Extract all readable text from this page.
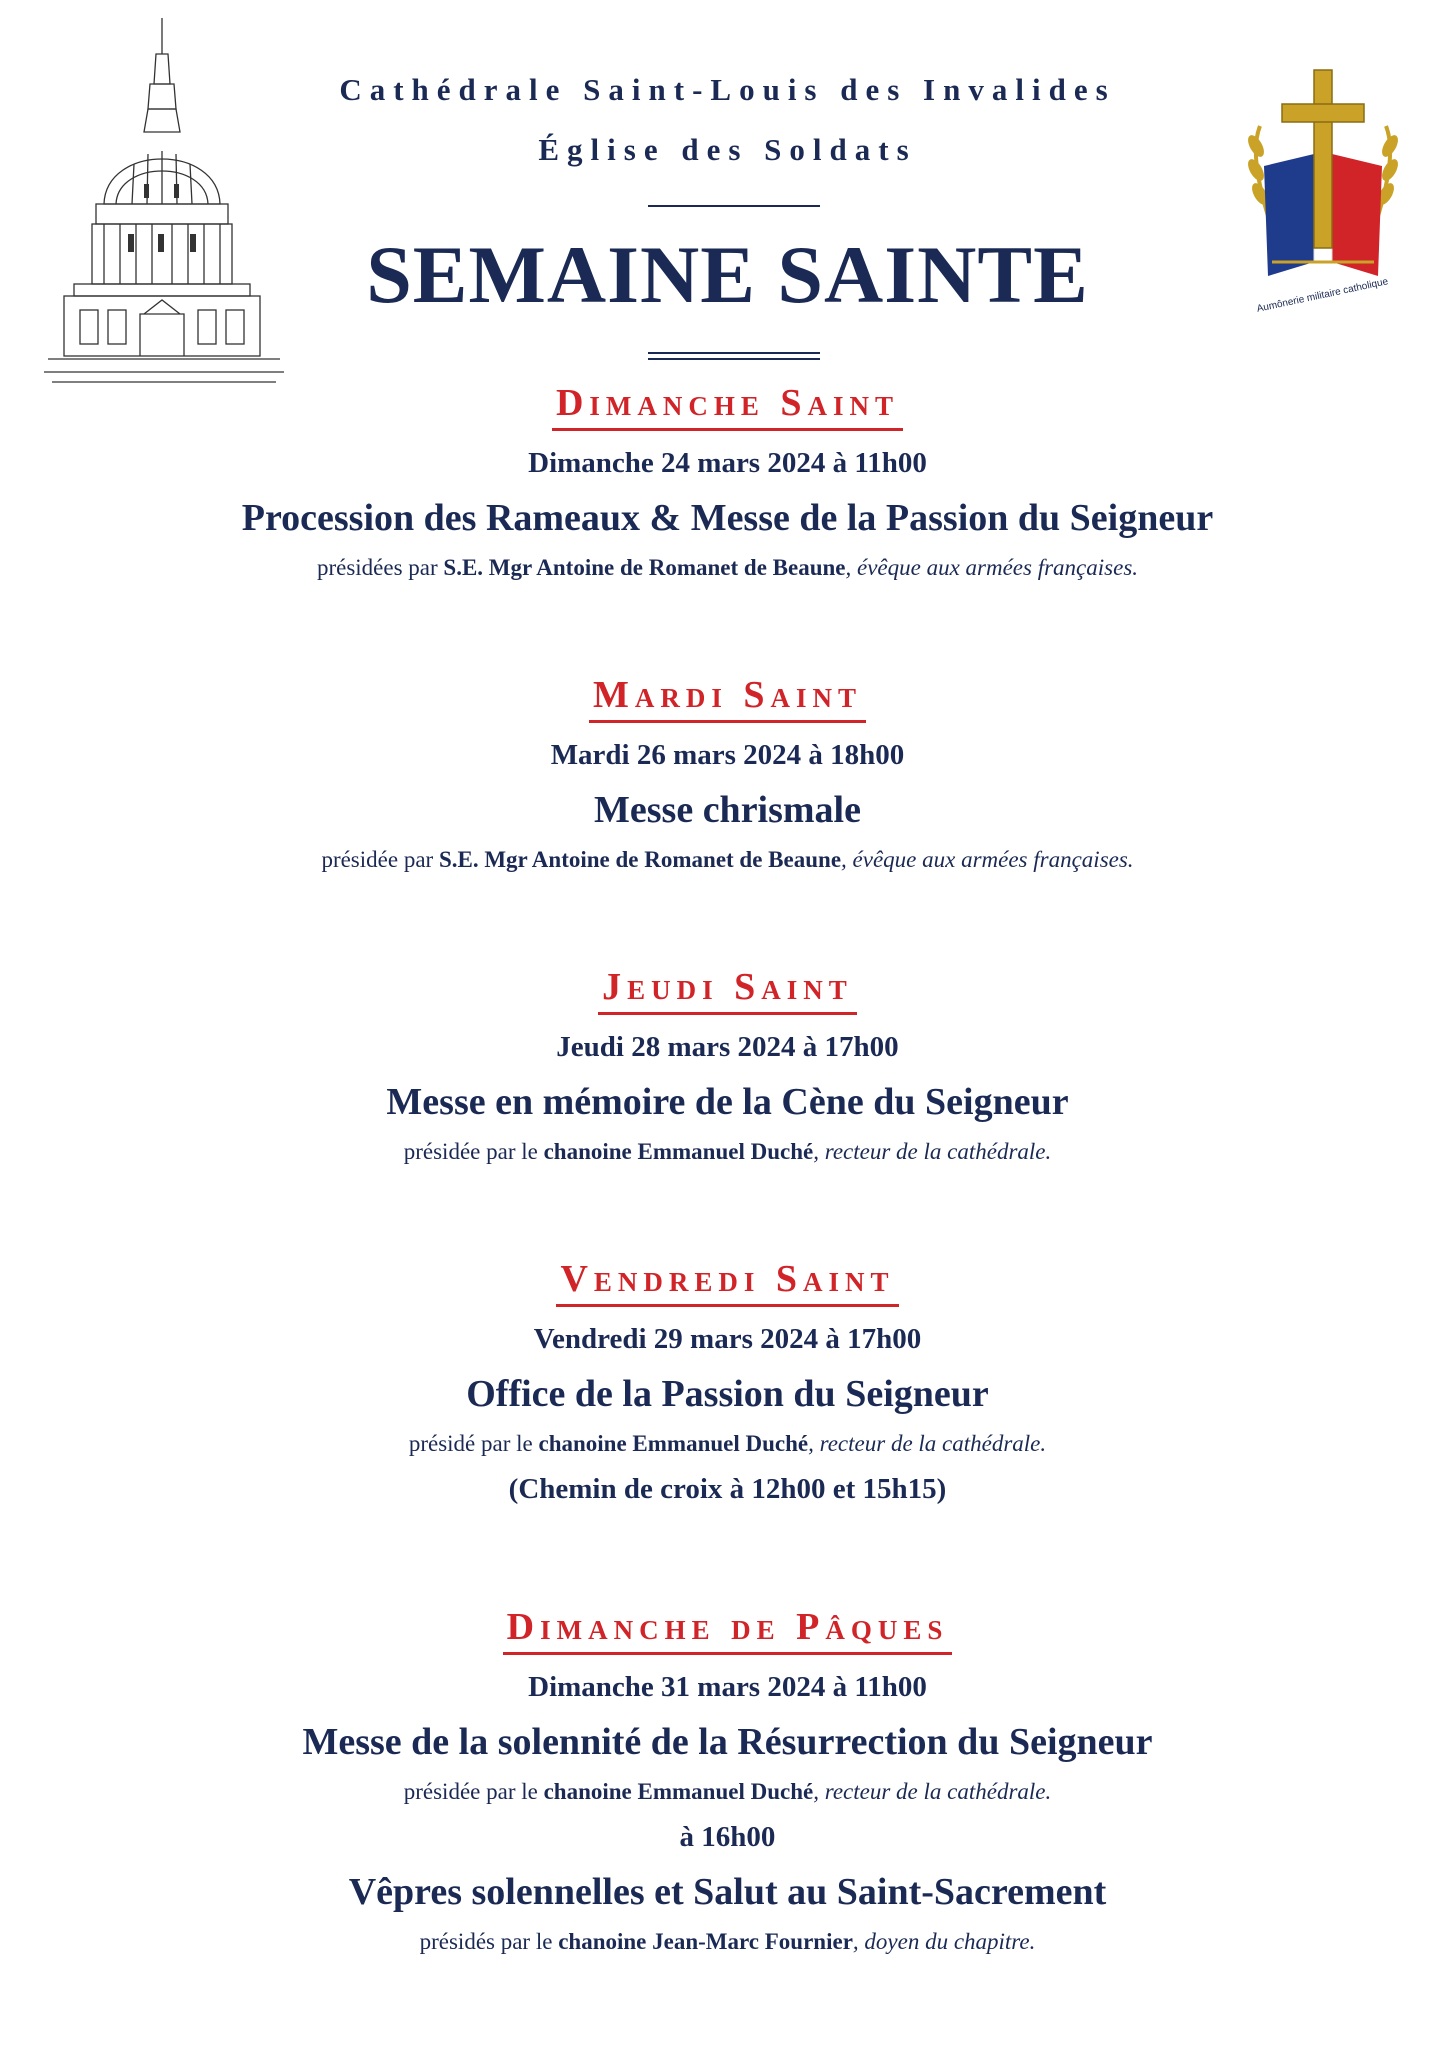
Aumônerie militaire catholique
Cathédrale Saint-Louis des Invalides
Église des Soldats
SEMAINE SAINTE
Dimanche Saint
Dimanche 24 mars 2024 à 11h00
Procession des Rameaux & Messe de la Passion du Seigneur
présidées par S.E. Mgr Antoine de Romanet de Beaune, évêque aux armées françaises.
Mardi Saint
Mardi 26 mars 2024 à 18h00
Messe chrismale
présidée par S.E. Mgr Antoine de Romanet de Beaune, évêque aux armées françaises.
Jeudi Saint
Jeudi 28 mars 2024 à 17h00
Messe en mémoire de la Cène du Seigneur
présidée par le chanoine Emmanuel Duché, recteur de la cathédrale.
Vendredi Saint
Vendredi 29 mars 2024 à 17h00
Office de la Passion du Seigneur
présidé par le chanoine Emmanuel Duché, recteur de la cathédrale.
(Chemin de croix à 12h00 et 15h15)
Dimanche de Pâques
Dimanche 31 mars 2024 à 11h00
Messe de la solennité de la Résurrection du Seigneur
présidée par le chanoine Emmanuel Duché, recteur de la cathédrale.
à 16h00
Vêpres solennelles et Salut au Saint-Sacrement
présidés par le chanoine Jean-Marc Fournier, doyen du chapitre.
